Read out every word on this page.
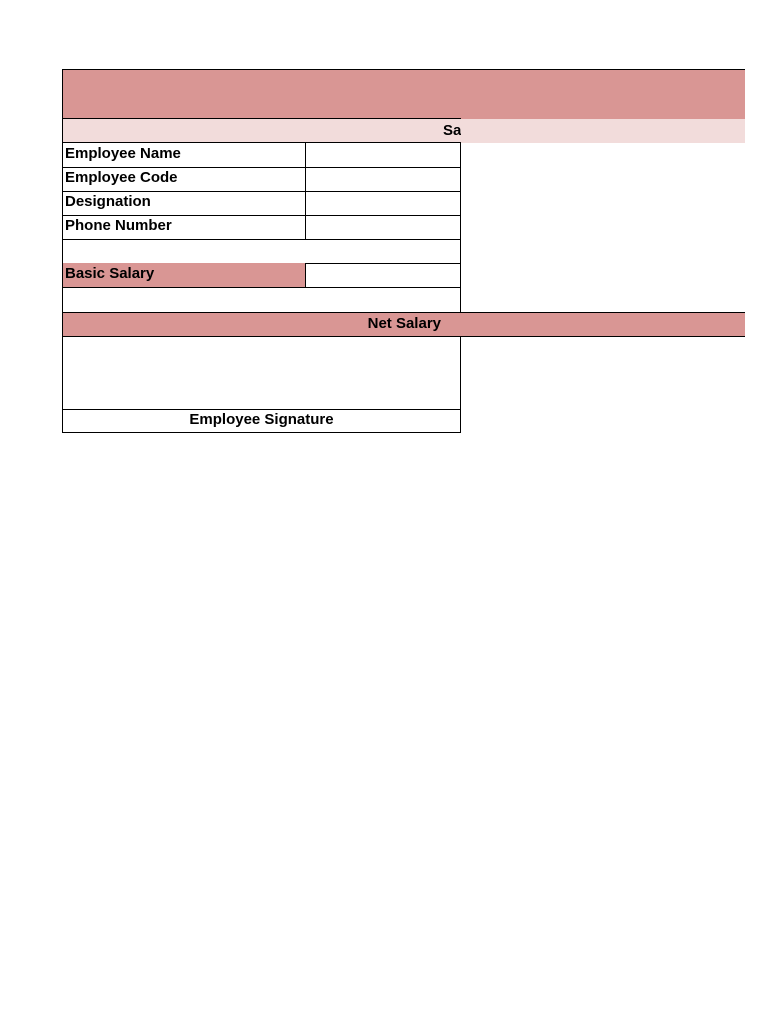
Sa
Employee Name
Employee Code
Designation
Phone Number
Basic Salary
Net Salary
Employee Signature
